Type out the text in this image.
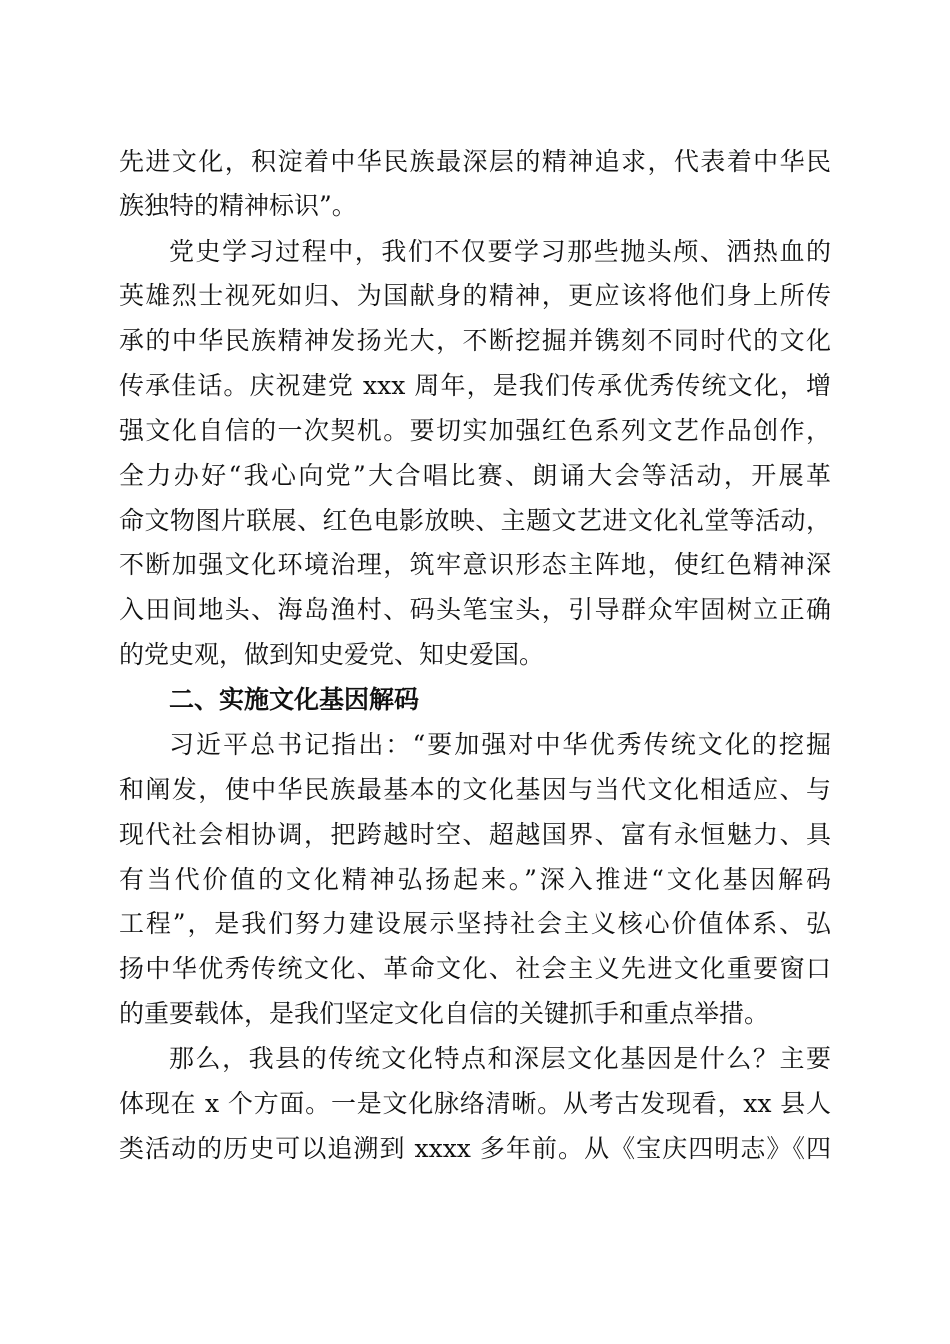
先进文化，积淀着中华民族最深层的精神追求，代表着中华民
族独特的精神标识”。
党史学习过程中，我们不仅要学习那些抛头颅、洒热血的
英雄烈士视死如归、为国献身的精神，更应该将他们身上所传
承的中华民族精神发扬光大，不断挖掘并镌刻不同时代的文化
传承佳话。庆祝建党 xxx 周年，是我们传承优秀传统文化，增
强文化自信的一次契机。要切实加强红色系列文艺作品创作，
全力办好“我心向党”大合唱比赛、朗诵大会等活动，开展革
命文物图片联展、红色电影放映、主题文艺进文化礼堂等活动，
不断加强文化环境治理，筑牢意识形态主阵地，使红色精神深
入田间地头、海岛渔村、码头笔宝头，引导群众牢固树立正确
的党史观，做到知史爱党、知史爱国。
二、实施文化基因解码
习近平总书记指出：“要加强对中华优秀传统文化的挖掘
和阐发，使中华民族最基本的文化基因与当代文化相适应、与
现代社会相协调，把跨越时空、超越国界、富有永恒魅力、具
有当代价值的文化精神弘扬起来。”深入推进“文化基因解码
工程”，是我们努力建设展示坚持社会主义核心价值体系、弘
扬中华优秀传统文化、革命文化、社会主义先进文化重要窗口
的重要载体，是我们坚定文化自信的关键抓手和重点举措。
那么，我县的传统文化特点和深层文化基因是什么？主要
体现在 x 个方面。一是文化脉络清晰。从考古发现看，xx 县人
类活动的历史可以追溯到 xxxx 多年前。从《宝庆四明志》《四
